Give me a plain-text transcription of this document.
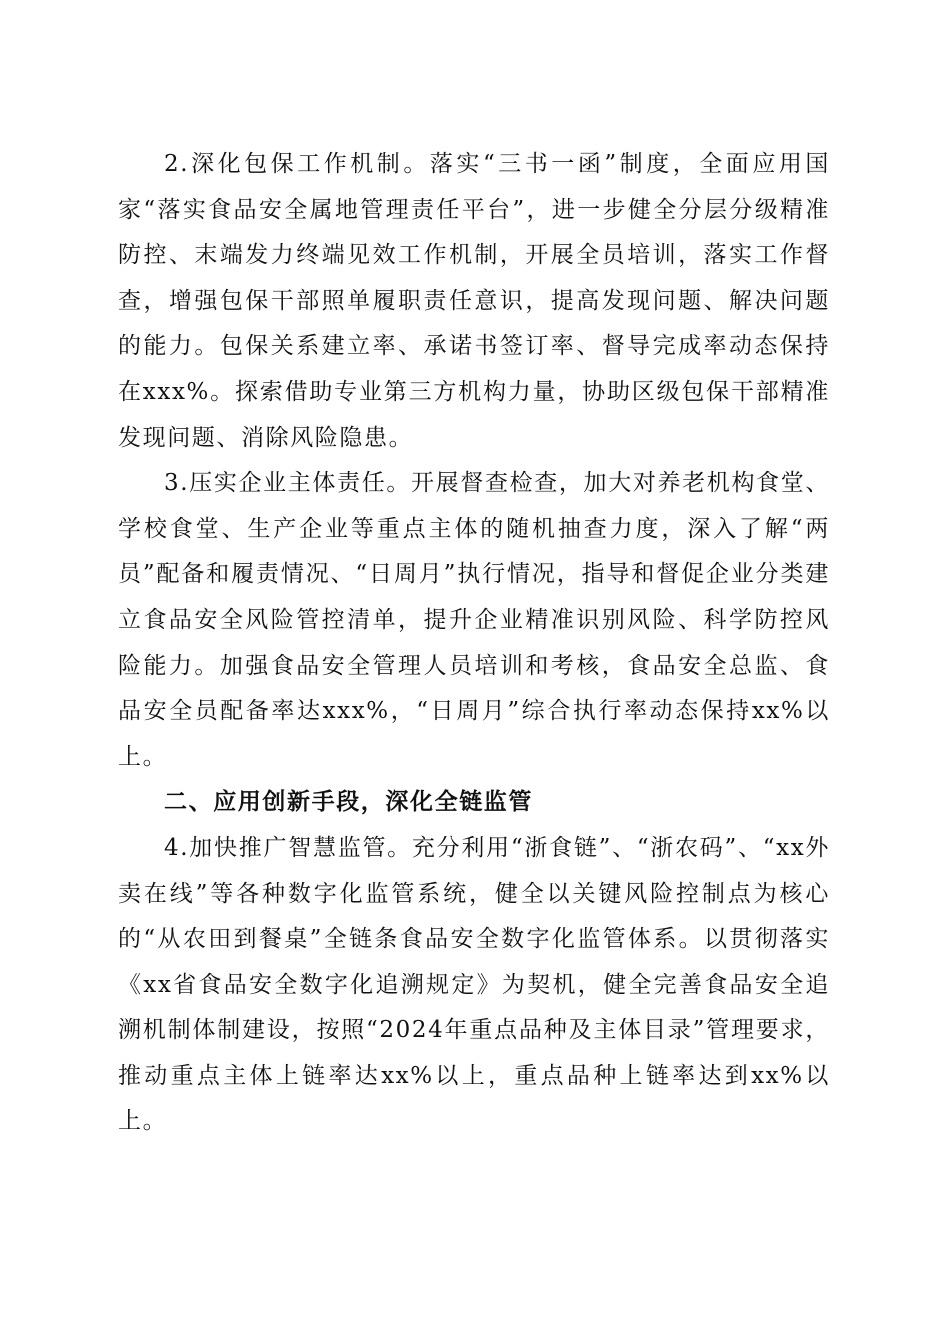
2.深化包保工作机制。落实“三书一函”制度，全面应用国家“落实食品安全属地管理责任平台”，进一步健全分层分级精准防控、末端发力终端见效工作机制，开展全员培训，落实工作督查，增强包保干部照单履职责任意识，提高发现问题、解决问题的能力。包保关系建立率、承诺书签订率、督导完成率动态保持在xxx%。探索借助专业第三方机构力量，协助区级包保干部精准发现问题、消除风险隐患。

3.压实企业主体责任。开展督查检查，加大对养老机构食堂、学校食堂、生产企业等重点主体的随机抽查力度，深入了解“两员”配备和履责情况、“日周月”执行情况，指导和督促企业分类建立食品安全风险管控清单，提升企业精准识别风险、科学防控风险能力。加强食品安全管理人员培训和考核，食品安全总监、食品安全员配备率达xxx%，“日周月”综合执行率动态保持xx%以上。

二、应用创新手段，深化全链监管

4.加快推广智慧监管。充分利用“浙食链”、“浙农码”、“xx外卖在线”等各种数字化监管系统，健全以关键风险控制点为核心的“从农田到餐桌”全链条食品安全数字化监管体系。以贯彻落实《xx省食品安全数字化追溯规定》为契机，健全完善食品安全追溯机制体制建设，按照“2024年重点品种及主体目录”管理要求，推动重点主体上链率达xx%以上，重点品种上链率达到xx%以上。
